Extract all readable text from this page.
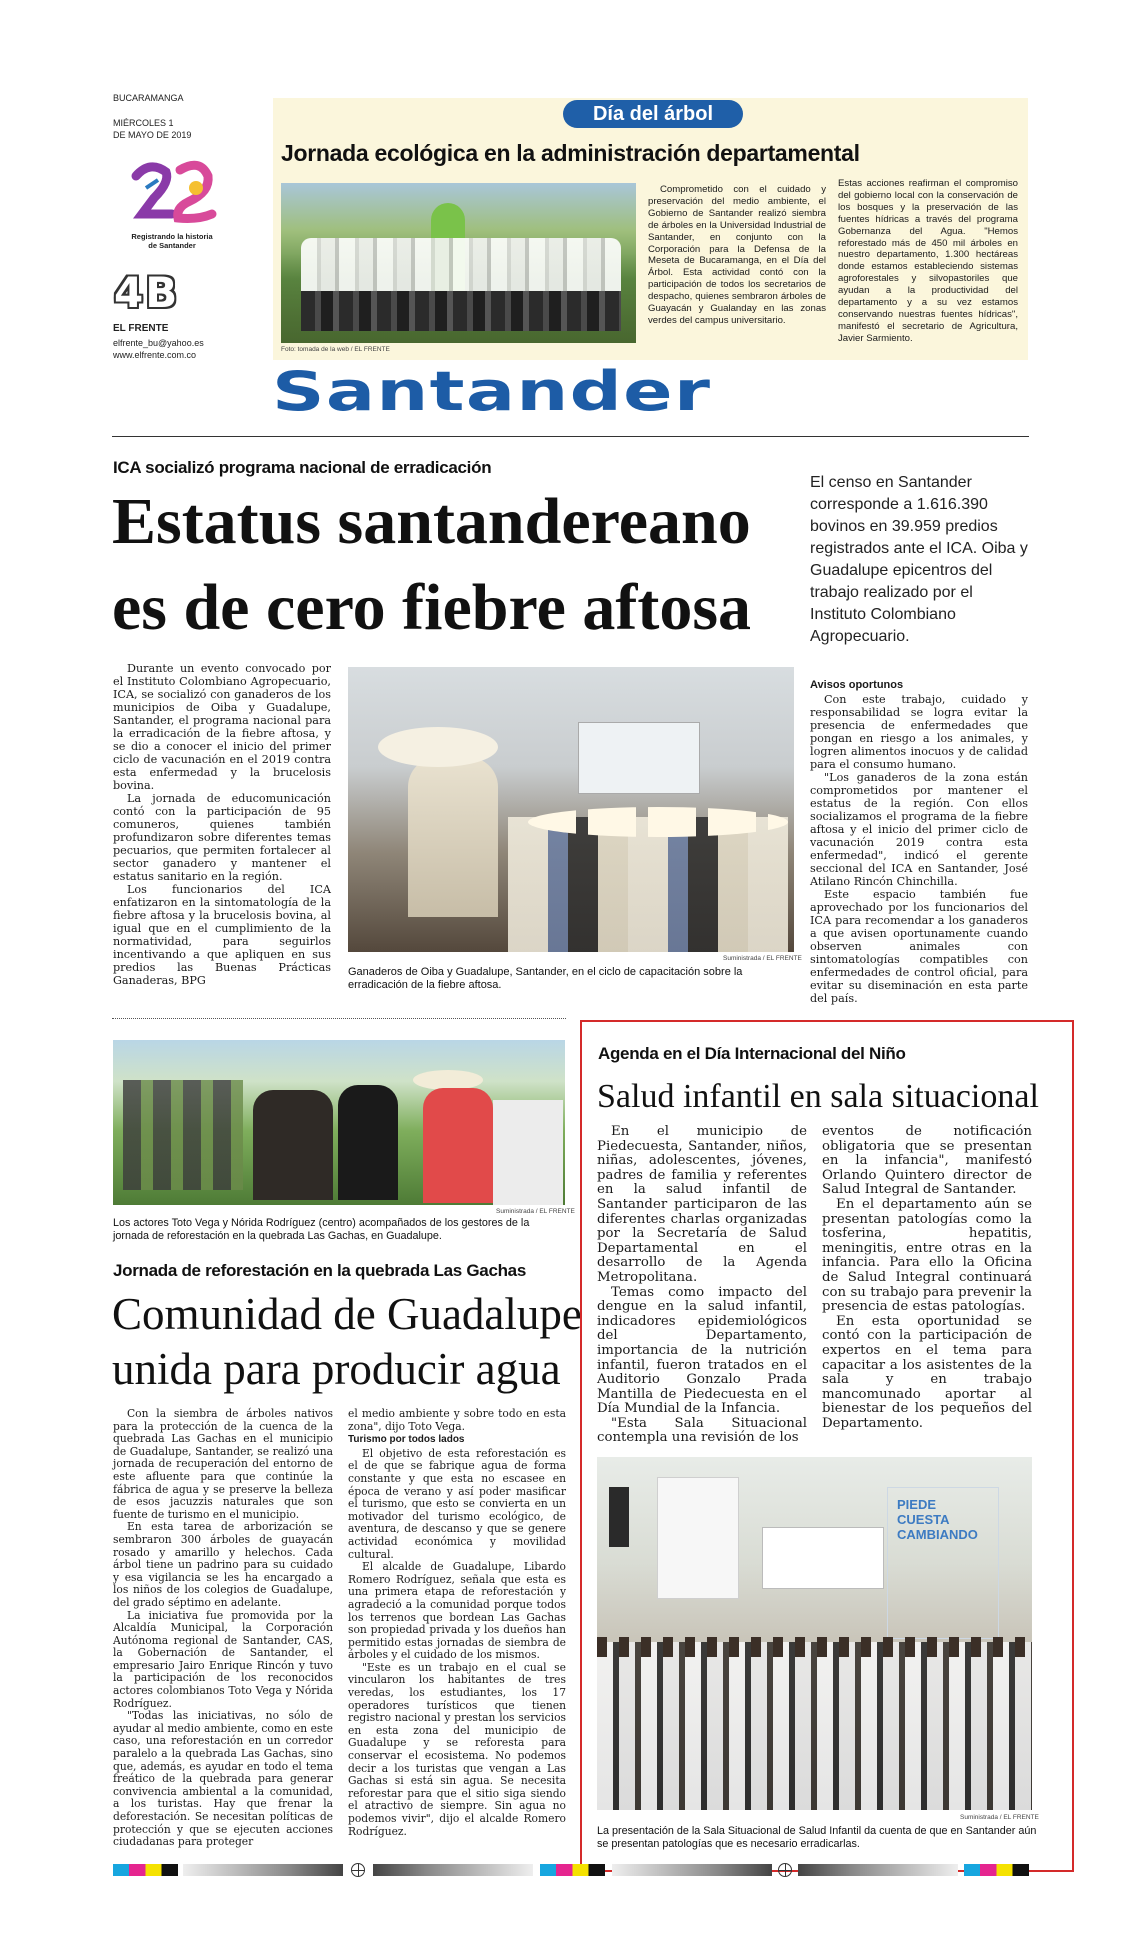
BUCARAMANGA
MIÉRCOLES 1
DE MAYO DE 2019
Registrando la historia de Santander
4B
EL FRENTE
elfrente_bu@yahoo.es
www.elfrente.com.co
Día del árbol
Jornada ecológica en la administración departamental
Foto: tomada de la web / EL FRENTE

Comprometido con el cuidado y preservación del medio ambiente, el Gobierno de Santander realizó siembra de árboles en la Universidad Industrial de Santander, en conjunto con la Corporación para la Defensa de la Meseta de Bucaramanga, en el Día del Árbol. Esta actividad contó con la participación de todos los secretarios de despacho, quienes sembraron árboles de Guayacán y Gualanday en las zonas verdes del campus universitario.

Estas acciones reafirman el compromiso del gobierno local con la conservación de los bosques y la preservación de las fuentes hídricas a través del programa Gobernanza del Agua. "Hemos reforestado más de 450 mil árboles en nuestro departamento, 1.300 hectáreas donde estamos estableciendo sistemas agroforestales y silvopastoriles que ayudan a la productividad del departamento y a su vez estamos conservando nuestras fuentes hídricas", manifestó el secretario de Agricultura, Javier Sarmiento.

Santander
ICA socializó programa nacional de erradicación
Estatus santandereano
es de cero fiebre aftosa
El censo en Santander corresponde a 1.616.390 bovinos en 39.959 predios registrados ante el ICA. Oiba y Guadalupe epicentros del trabajo realizado por el Instituto Colombiano Agropecuario.

Durante un evento convocado por el Instituto Colombiano Agropecuario, ICA, se socializó con ganaderos de los municipios de Oiba y Guadalupe, Santander, el programa nacional para la erradicación de la fiebre aftosa, y se dio a conocer el inicio del primer ciclo de vacunación en el 2019 contra esta enfermedad y la brucelosis bovina.

La jornada de educomunicación contó con la participación de 95 comuneros, quienes también profundizaron sobre diferentes temas pecuarios, que permiten fortalecer al sector ganadero y mantener el estatus sanitario en la región.

Los funcionarios del ICA enfatizaron en la sintomatología de la fiebre aftosa y la brucelosis bovina, al igual que en el cumplimiento de la normatividad, para seguirlos incentivando a que apliquen en sus predios las Buenas Prácticas Ganaderas, BPG

Suministrada / EL FRENTE
Ganaderos de Oiba y Guadalupe, Santander, en el ciclo de capacitación sobre la erradicación de la fiebre aftosa.
Avisos oportunos

Con este trabajo, cuidado y responsabilidad se logra evitar la presencia de enfermedades que pongan en riesgo a los animales, y logren alimentos inocuos y de calidad para el consumo humano.

"Los ganaderos de la zona están comprometidos por mantener el estatus de la región. Con ellos socializamos el programa de la fiebre aftosa y el inicio del primer ciclo de vacunación 2019 contra esta enfermedad", indicó el gerente seccional del ICA en Santander, José Atilano Rincón Chinchilla.

Este espacio también fue aprovechado por los funcionarios del ICA para recomendar a los ganaderos a que avisen oportunamente cuando observen animales con sintomatologías compatibles con enfermedades de control oficial, para evitar su diseminación en esta parte del país.

Suministrada / EL FRENTE
Los actores Toto Vega y Nórida Rodríguez (centro) acompañados de los gestores de la jornada de reforestación en la quebrada Las Gachas, en Guadalupe.
Jornada de reforestación en la quebrada Las Gachas
Comunidad de Guadalupe
unida para producir agua

Con la siembra de árboles nativos para la protección de la cuenca de la quebrada Las Gachas en el municipio de Guadalupe, Santander, se realizó una jornada de recuperación del entorno de este afluente para que continúe la fábrica de agua y se preserve la belleza de esos jacuzzis naturales que son fuente de turismo en el municipio.

En esta tarea de arborización se sembraron 300 árboles de guayacán rosado y amarillo y helechos. Cada árbol tiene un padrino para su cuidado y esa vigilancia se les ha encargado a los niños de los colegios de Guadalupe, del grado séptimo en adelante.

La iniciativa fue promovida por la Alcaldía Municipal, la Corporación Autónoma regional de Santander, CAS, la Gobernación de Santander, el empresario Jairo Enrique Rincón y tuvo la participación de los reconocidos actores colombianos Toto Vega y Nórida Rodríguez.

"Todas las iniciativas, no sólo de ayudar al medio ambiente, como en este caso, una reforestación en un corredor paralelo a la quebrada Las Gachas, sino que, además, es ayudar en todo el tema freático de la quebrada para generar convivencia ambiental a la comunidad, a los turistas. Hay que frenar la deforestación. Se necesitan políticas de protección y que se ejecuten acciones ciudadanas para proteger

el medio ambiente y sobre todo en esta zona", dijo Toto Vega.

Turismo por todos lados

El objetivo de esta reforestación es el de que se fabrique agua de forma constante y que esta no escasee en época de verano y así poder masificar el turismo, que esto se convierta en un motivador del turismo ecológico, de aventura, de descanso y que se genere actividad económica y movilidad cultural.

El alcalde de Guadalupe, Libardo Romero Rodríguez, señala que esta es una primera etapa de reforestación y agradeció a la comunidad porque todos los terrenos que bordean Las Gachas son propiedad privada y los dueños han permitido estas jornadas de siembra de árboles y el cuidado de los mismos.

"Este es un trabajo en el cual se vincularon los habitantes de tres veredas, los estudiantes, los 17 operadores turísticos que tienen registro nacional y prestan los servicios en esta zona del municipio de Guadalupe y se reforesta para conservar el ecosistema. No podemos decir a los turistas que vengan a Las Gachas si está sin agua. Se necesita reforestar para que el sitio siga siendo el atractivo de siempre. Sin agua no podemos vivir", dijo el alcalde Romero Rodríguez.

Agenda en el Día Internacional del Niño
Salud infantil en sala situacional

En el municipio de Piedecuesta, Santander, niños, niñas, adolescentes, jóvenes, padres de familia y referentes en la salud infantil de Santander participaron de las diferentes charlas organizadas por la Secretaría de Salud Departamental en el desarrollo de la Agenda Metropolitana.

Temas como impacto del dengue en la salud infantil, indicadores epidemiológicos del Departamento, importancia de la nutrición infantil, fueron tratados en el Auditorio Gonzalo Prada Mantilla de Piedecuesta en el Día Mundial de la Infancia.

"Esta Sala Situacional contempla una revisión de los

eventos de notificación obligatoria que se presentan en la infancia", manifestó Orlando Quintero director de Salud Integral de Santander.

En el departamento aún se presentan patologías como la tosferina, hepatitis, meningitis, entre otras en la infancia. Para ello la Oficina de Salud Integral continuará con su trabajo para prevenir la presencia de estas patologías.

En esta oportunidad se contó con la participación de expertos en el tema para capacitar a los asistentes de la sala y en trabajo mancomunado aportar al bienestar de los pequeños del Departamento.

PIEDE CUESTA CAMBIANDO
Suministrada / EL FRENTE
La presentación de la Sala Situacional de Salud Infantil da cuenta de que en Santander aún se presentan patologías que es necesario erradicarlas.
